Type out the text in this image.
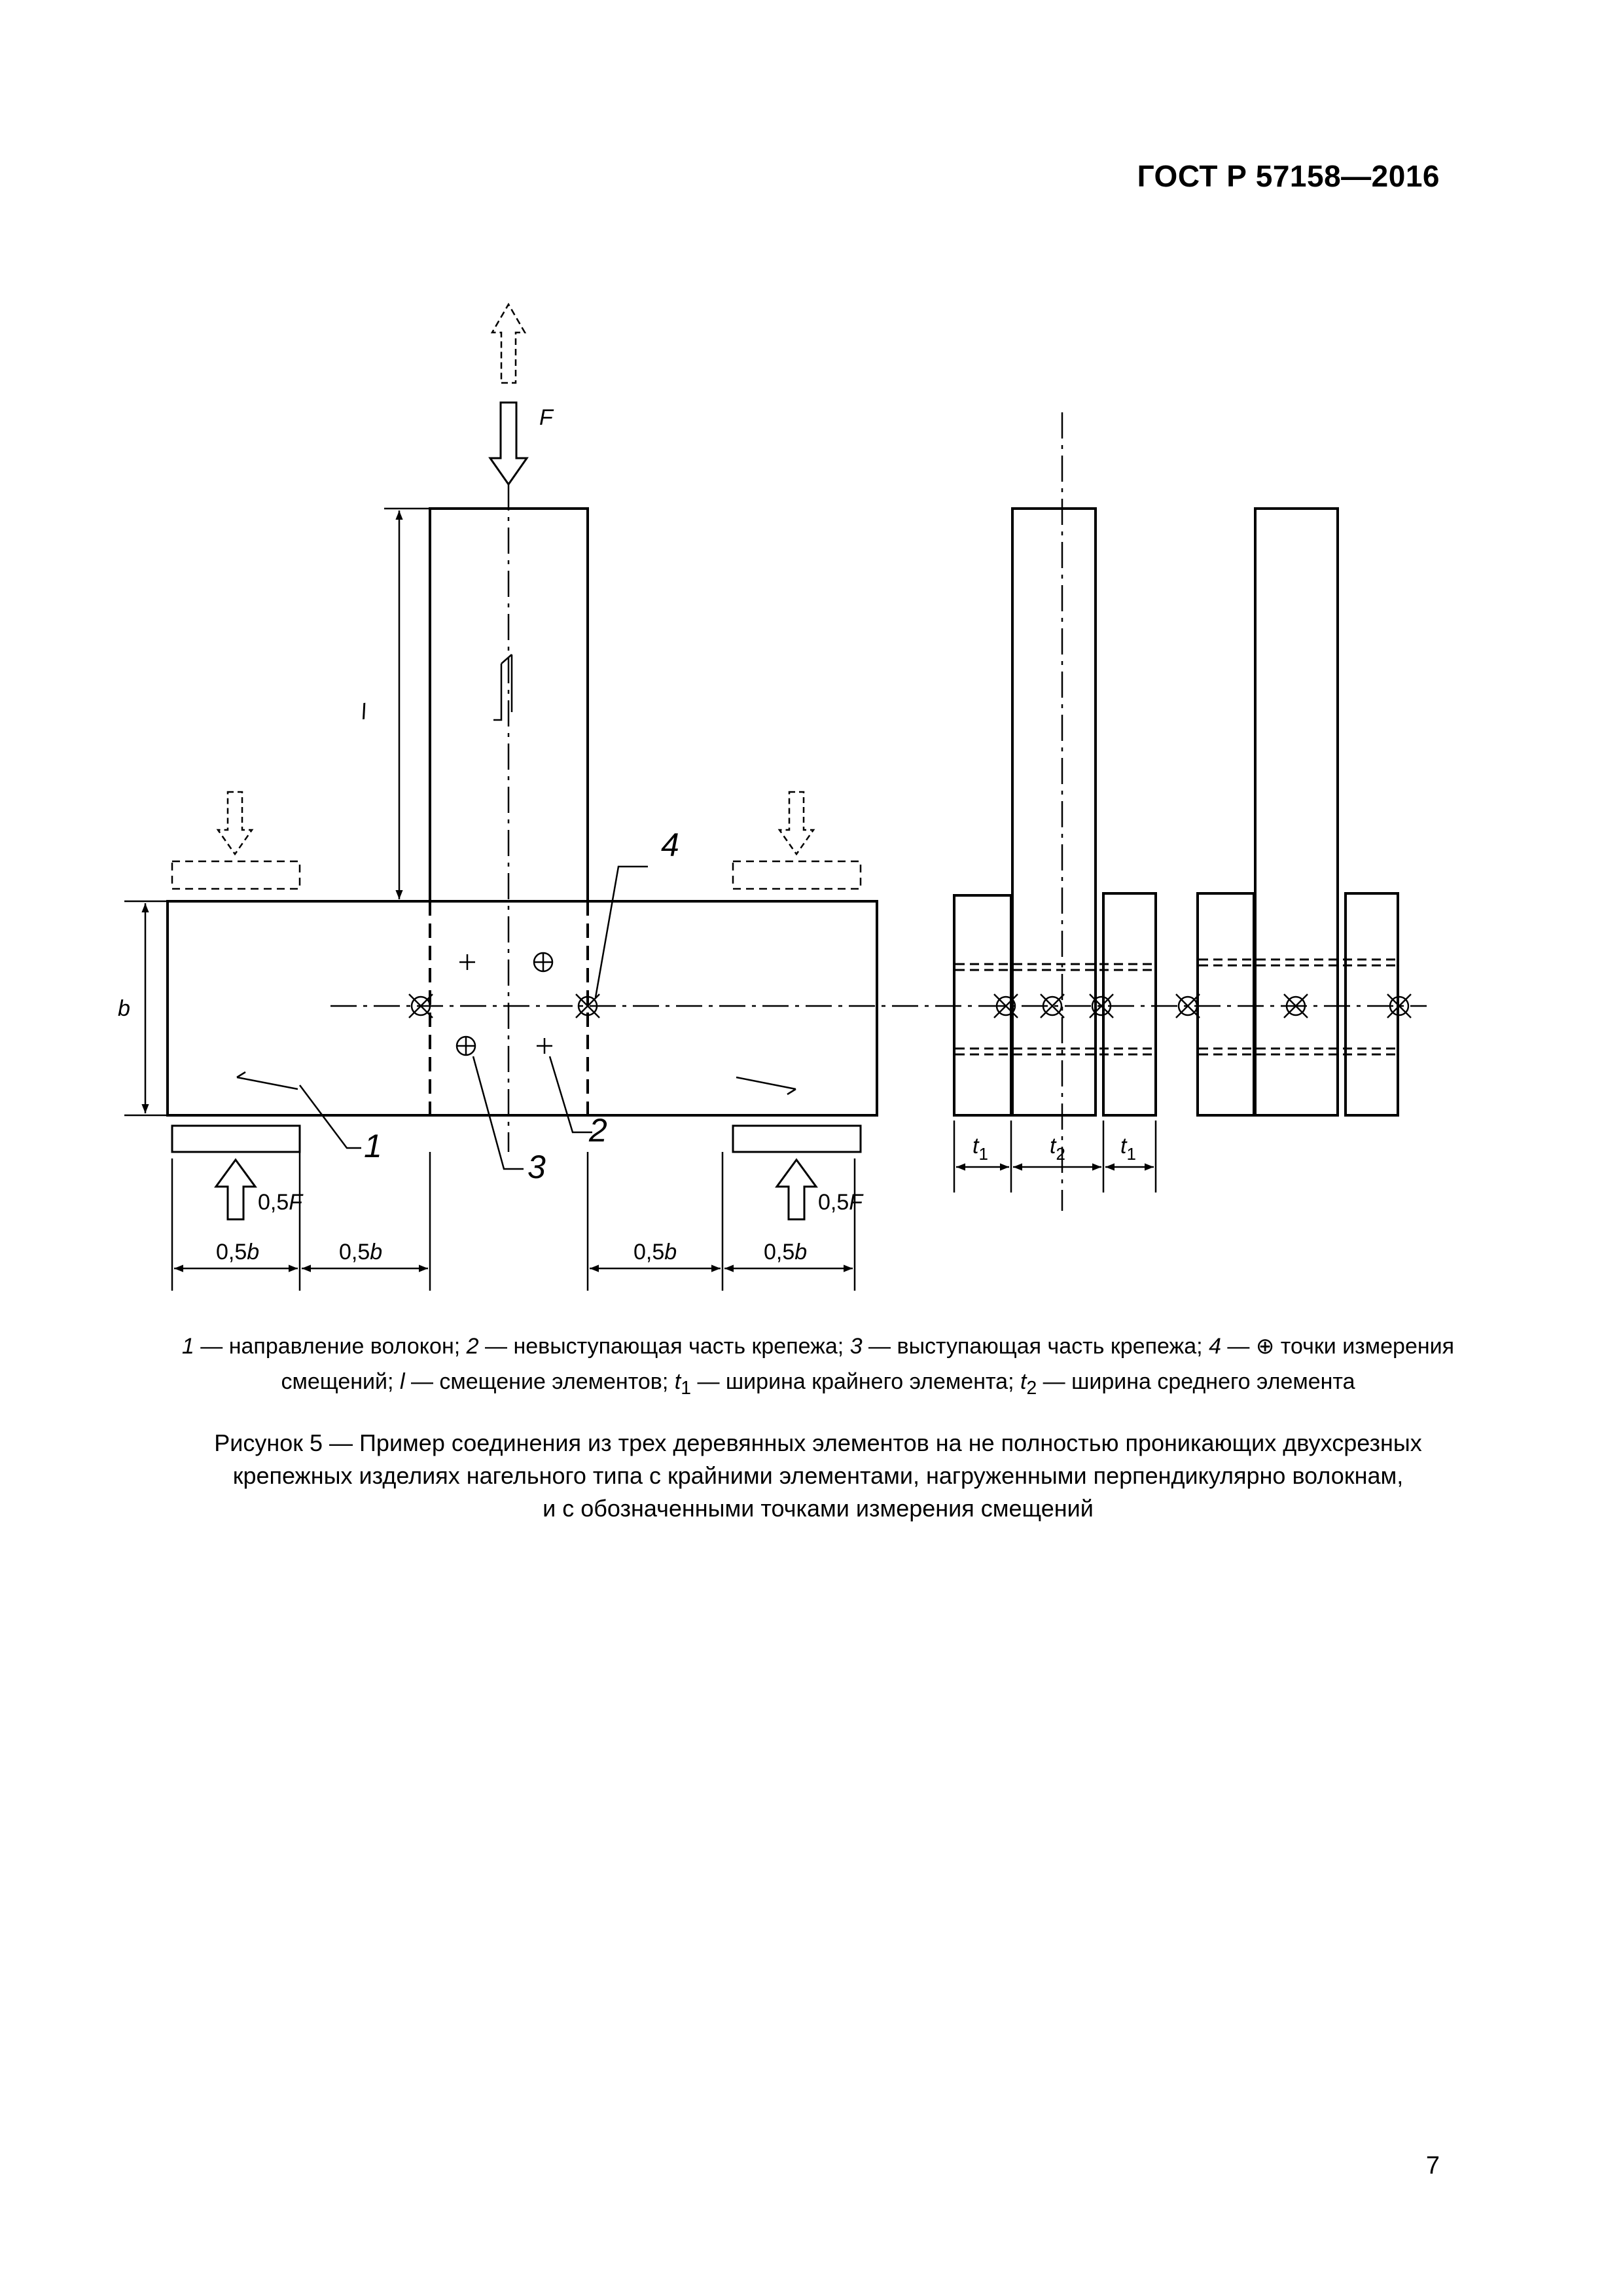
ГОСТ Р 57158—2016
F
l
b
0,5F	0,5F
0,5b	0,5b	0,5b	0,5b
$t_1$	$t_2$ $t_1$
1	2
3
4
1 — направление волокон; 2 — невыступающая часть крепежа; 3 — выступающая часть крепежа; 4 — ⊕ точки измерения смещений; l — смещение элементов; $t_1$ — ширина крайнего элемента; $t_2$ — ширина среднего элемента
Рисунок 5 — Пример соединения из трех деревянных элементов на не полностью проникающих двухсрезных
крепежных изделиях нагельного типа с крайними элементами, нагруженными перпендикулярно волокнам,
и с обозначенными точками измерения смещений
7
